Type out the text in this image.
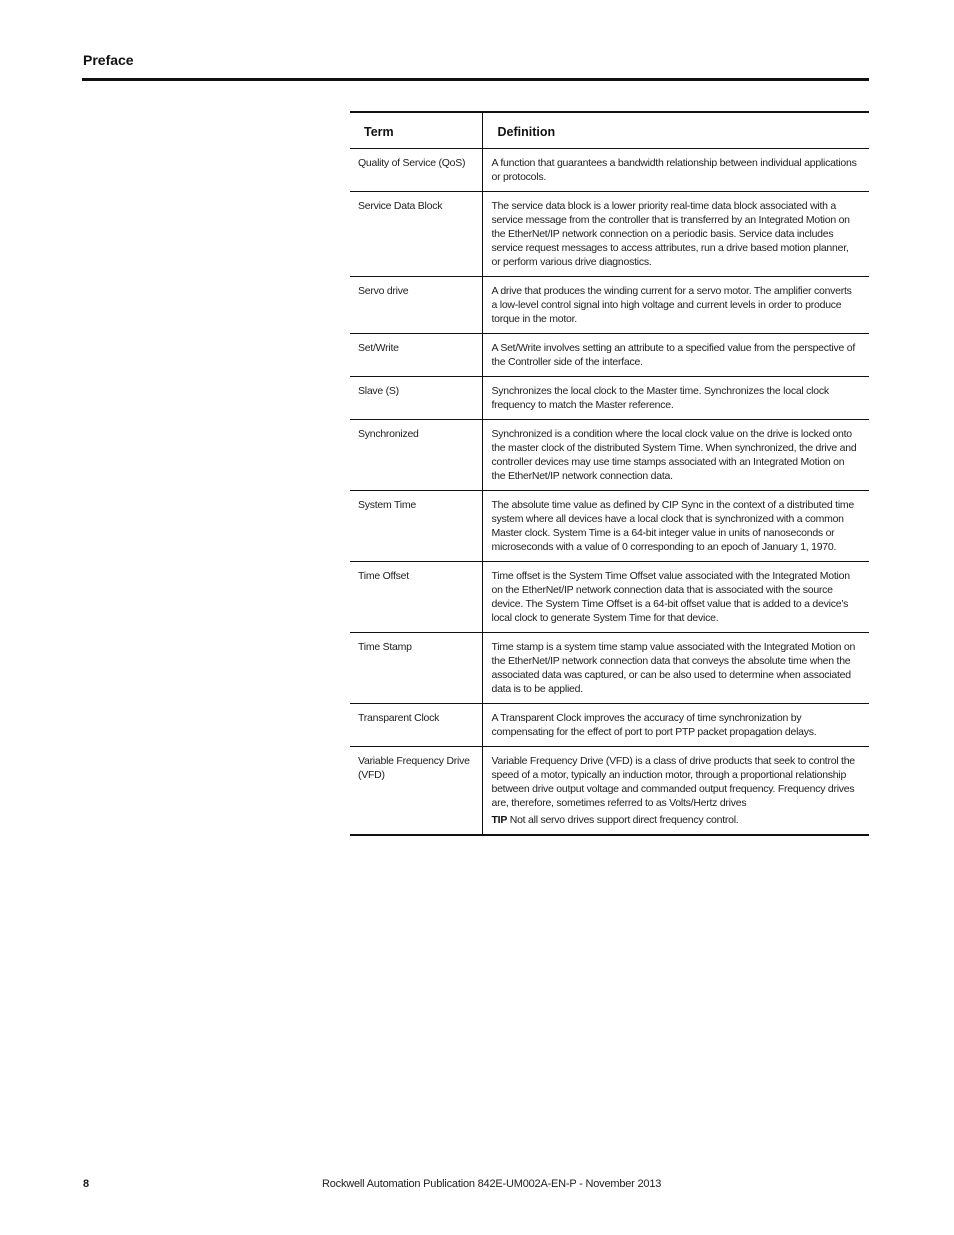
Preface
Term	Definition
Quality of Service (QoS)	A function that guarantees a bandwidth relationship between individual applications or protocols.
Service Data Block	The service data block is a lower priority real-time data block associated with a service message from the controller that is transferred by an Integrated Motion on the EtherNet/IP network connection on a periodic basis. Service data includes service request messages to access attributes, run a drive based motion planner, or perform various drive diagnostics.
Servo drive	A drive that produces the winding current for a servo motor. The amplifier converts a low-level control signal into high voltage and current levels in order to produce torque in the motor.
Set/Write	A Set/Write involves setting an attribute to a specified value from the perspective of the Controller side of the interface.
Slave (S)	Synchronizes the local clock to the Master time. Synchronizes the local clock frequency to match the Master reference.
Synchronized	Synchronized is a condition where the local clock value on the drive is locked onto the master clock of the distributed System Time. When synchronized, the drive and controller devices may use time stamps associated with an Integrated Motion on the EtherNet/IP network connection data.
System Time	The absolute time value as defined by CIP Sync in the context of a distributed time system where all devices have a local clock that is synchronized with a common Master clock. System Time is a 64-bit integer value in units of nanoseconds or microseconds with a value of 0 corresponding to an epoch of January 1, 1970.
Time Offset	Time offset is the System Time Offset value associated with the Integrated Motion on the EtherNet/IP network connection data that is associated with the source device. The System Time Offset is a 64-bit offset value that is added to a device’s local clock to generate System Time for that device.
Time Stamp	Time stamp is a system time stamp value associated with the Integrated Motion on the EtherNet/IP network connection data that conveys the absolute time when the associated data was captured, or can be also used to determine when associated data is to be applied.
Transparent Clock	A Transparent Clock improves the accuracy of time synchronization by compensating for the effect of port to port PTP packet propagation delays.
Variable Frequency Drive (VFD)	Variable Frequency Drive (VFD) is a class of drive products that seek to control the speed of a motor, typically an induction motor, through a proportional relationship between drive output voltage and commanded output frequency. Frequency drives are, therefore, sometimes referred to as Volts/Hertz drives
TIP Not all servo drives support direct frequency control.
8	Rockwell Automation Publication 842E-UM002A-EN-P - November 2013
